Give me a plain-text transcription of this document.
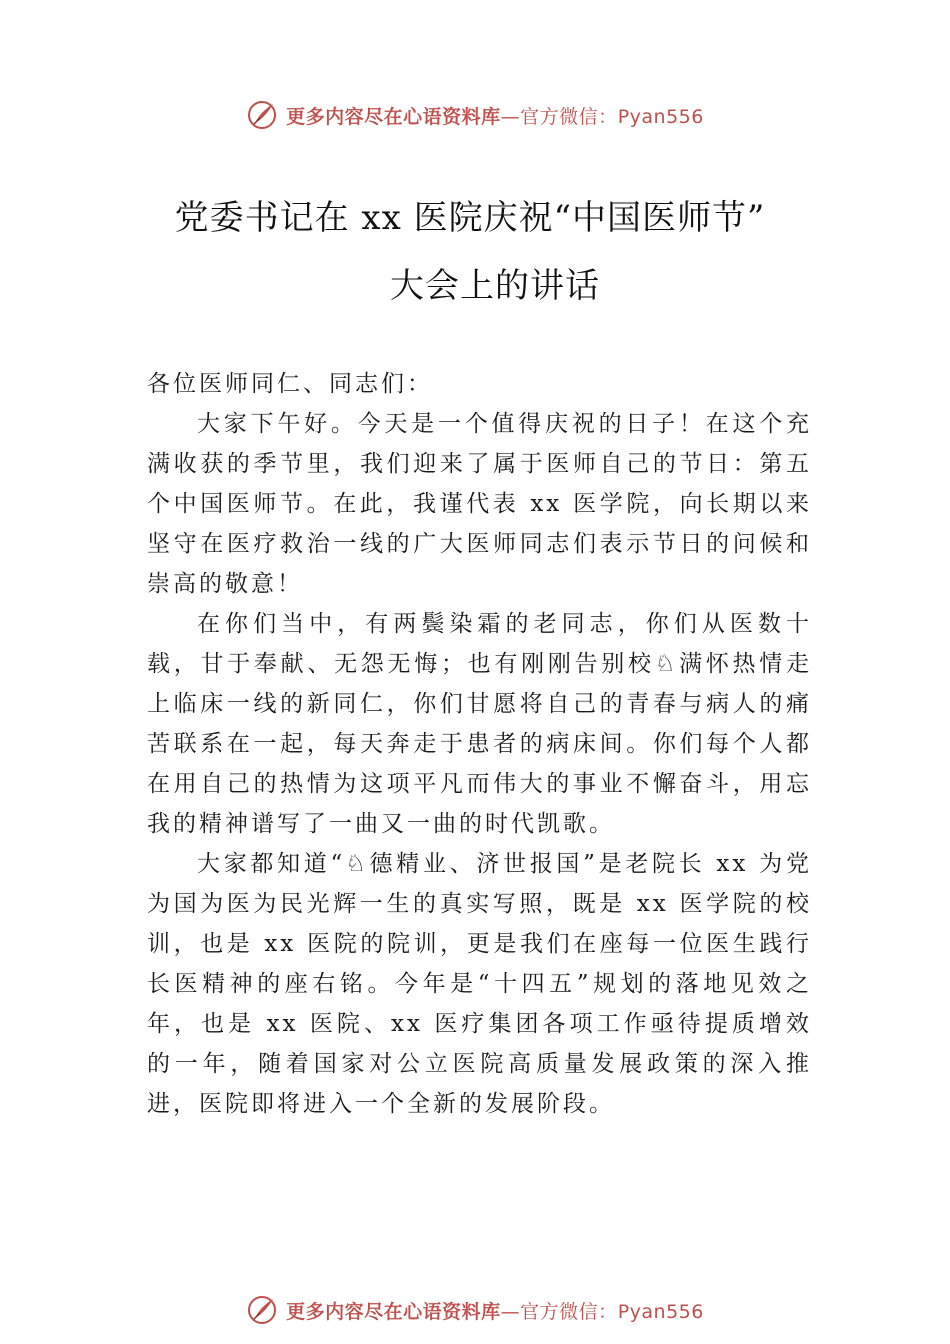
更多内容尽在心语资料库—官方微信：Pyan556
党委书记在 xx 医院庆祝“中国医师节”
大会上的讲话

各位医师同仁、同志们：

大家下午好。今天是一个值得庆祝的日子！在这个充满收获的季节里，我们迎来了属于医师自己的节日：第五个中国医师节。在此，我谨代表 xx 医学院，向长期以来坚守在医疗救治一线的广大医师同志们表示节日的问候和崇高的敬意！

在你们当中，有两鬓染霜的老同志，你们从医数十载，甘于奉献、无怨无悔；也有刚刚告别校♘满怀热情走上临床一线的新同仁，你们甘愿将自己的青春与病人的痛苦联系在一起，每天奔走于患者的病床间。你们每个人都在用自己的热情为这项平凡而伟大的事业不懈奋斗，用忘我的精神谱写了一曲又一曲的时代凯歌。

大家都知道“♘德精业、济世报国”是老院长 xx 为党为国为医为民光辉一生的真实写照，既是 xx 医学院的校训，也是 xx 医院的院训，更是我们在座每一位医生践行长医精神的座右铭。今年是“十四五”规划的落地见效之年，也是 xx 医院、xx 医疗集团各项工作亟待提质增效的一年，随着国家对公立医院高质量发展政策的深入推进，医院即将进入一个全新的发展阶段。

更多内容尽在心语资料库—官方微信：Pyan556
